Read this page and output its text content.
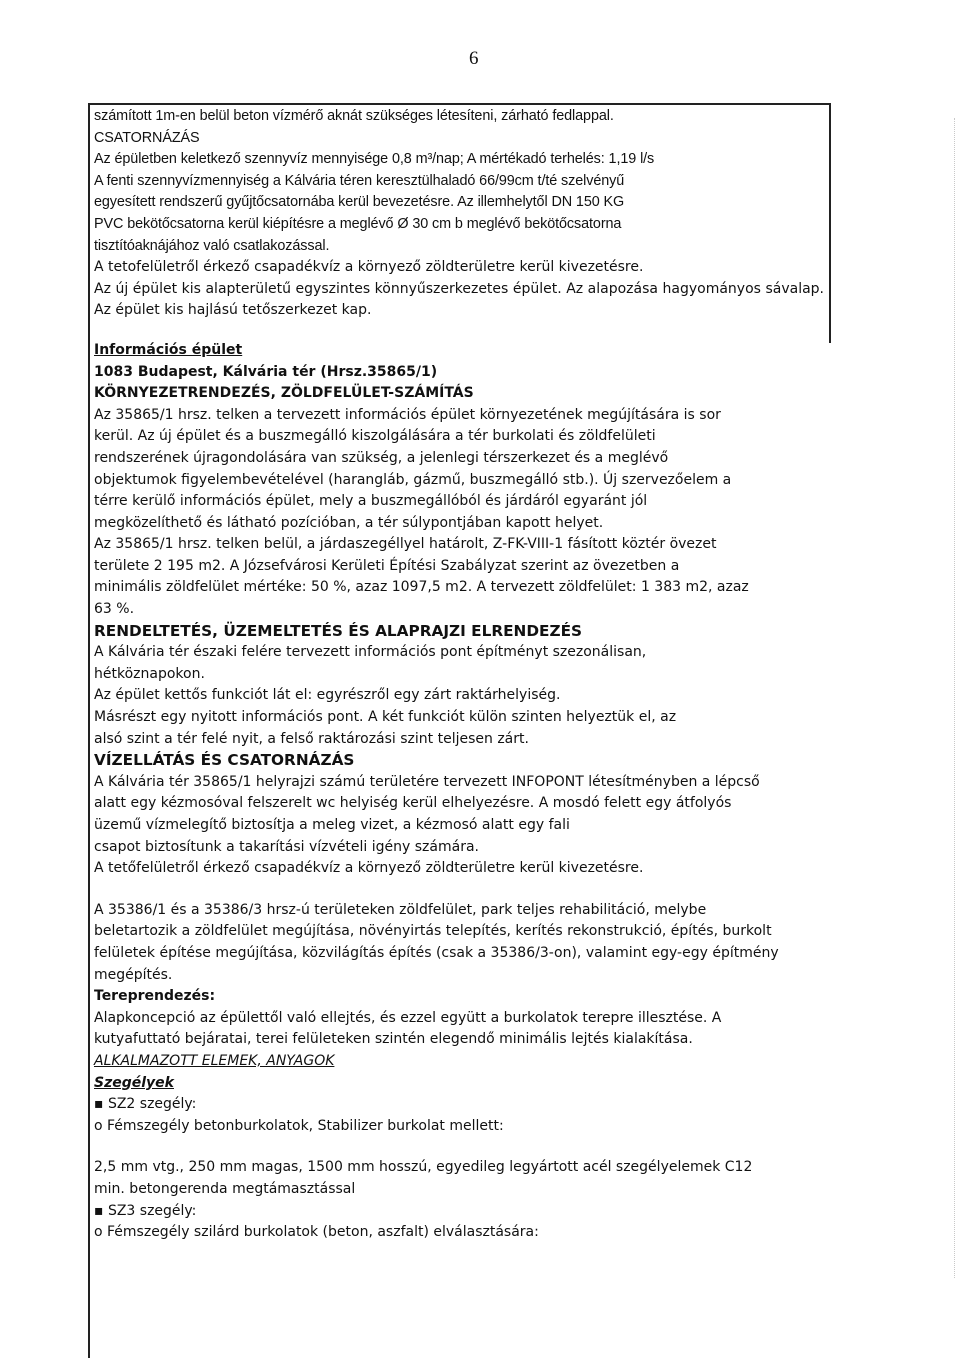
6

számított 1m-en belül beton vízmérő aknát szükséges létesíteni, zárható fedlappal.

CSATORNÁZÁS

Az épületben keletkező szennyvíz mennyisége 0,8 m³/nap; A mértékadó terhelés: 1,19 l/s

A fenti szennyvízmennyiség a Kálvária téren keresztülhaladó 66/99cm t/té szelvényű

egyesített rendszerű gyűjtőcsatornába kerül bevezetésre. Az illemhelytől DN 150 KG

PVC bekötőcsatorna kerül kiépítésre a meglévő Ø 30 cm b meglévő bekötőcsatorna

tisztítóaknájához való csatlakozással.

A tetofelületről érkező csapadékvíz a környező zöldterületre kerül kivezetésre.

Az új épület kis alapterületű egyszintes könnyűszerkezetes épület. Az alapozása hagyományos sávalap. Az épület kis hajlású tetőszerkezet kap.

Információs épület

1083 Budapest, Kálvária tér (Hrsz.35865/1)

KÖRNYEZETRENDEZÉS, ZÖLDFELÜLET-SZÁMÍTÁS

Az 35865/1 hrsz. telken a tervezett információs épület környezetének megújítására is sor

kerül. Az új épület és a buszmegálló kiszolgálására a tér burkolati és zöldfelületi

rendszerének újragondolására van szükség, a jelenlegi térszerkezet és a meglévő

objektumok figyelembevételével (harangláb, gázmű, buszmegálló stb.). Új szervezőelem a

térre kerülő információs épület, mely a buszmegállóból és járdáról egyaránt jól

megközelíthető és látható pozícióban, a tér súlypontjában kapott helyet.

Az 35865/1 hrsz. telken belül, a járdaszegéllyel határolt, Z-FK-VIII-1 fásított köztér övezet

területe 2 195 m2. A Józsefvárosi Kerületi Építési Szabályzat szerint az övezetben a

minimális zöldfelület mértéke: 50 %, azaz 1097,5 m2. A tervezett zöldfelület: 1 383 m2, azaz

63 %.

RENDELTETÉS, ÜZEMELTETÉS ÉS ALAPRAJZI ELRENDEZÉS

A Kálvária tér északi felére tervezett információs pont építményt szezonálisan,

hétköznapokon.

Az épület kettős funkciót lát el: egyrészről egy zárt raktárhelyiség.

Másrészt egy nyitott információs pont. A két funkciót külön szinten helyeztük el, az

alsó szint a tér felé nyit, a felső raktározási szint teljesen zárt.

VÍZELLÁTÁS ÉS CSATORNÁZÁS

A Kálvária tér 35865/1 helyrajzi számú területére tervezett INFOPONT létesítményben a lépcső

alatt egy kézmosóval felszerelt wc helyiség kerül elhelyezésre. A mosdó felett egy átfolyós

üzemű vízmelegítő biztosítja a meleg vizet, a kézmosó alatt egy fali

csapot biztosítunk a takarítási vízvételi igény számára.

A tetőfelületről érkező csapadékvíz a környező zöldterületre kerül kivezetésre.

A 35386/1 és a 35386/3 hrsz-ú területeken zöldfelület, park teljes rehabilitáció, melybe

beletartozik a zöldfelület megújítása, növényirtás telepítés, kerítés rekonstrukció, építés, burkolt

felületek építése megújítása, közvilágítás építés (csak a 35386/3-on), valamint egy-egy építmény

megépítés.

Tereprendezés:

Alapkoncepció az épülettől való ellejtés, és ezzel együtt a burkolatok terepre illesztése. A

kutyafuttató bejáratai, terei felületeken szintén elegendő minimális lejtés kialakítása.

ALKALMAZOTT ELEMEK, ANYAGOK

Szegélyek

▪ SZ2 szegély:

o Fémszegély betonburkolatok, Stabilizer burkolat mellett:

2,5 mm vtg., 250 mm magas, 1500 mm hosszú, egyedileg legyártott acél szegélyelemek C12

min. betongerenda megtámasztással

▪ SZ3 szegély:

o Fémszegély szilárd burkolatok (beton, aszfalt) elválasztására:
